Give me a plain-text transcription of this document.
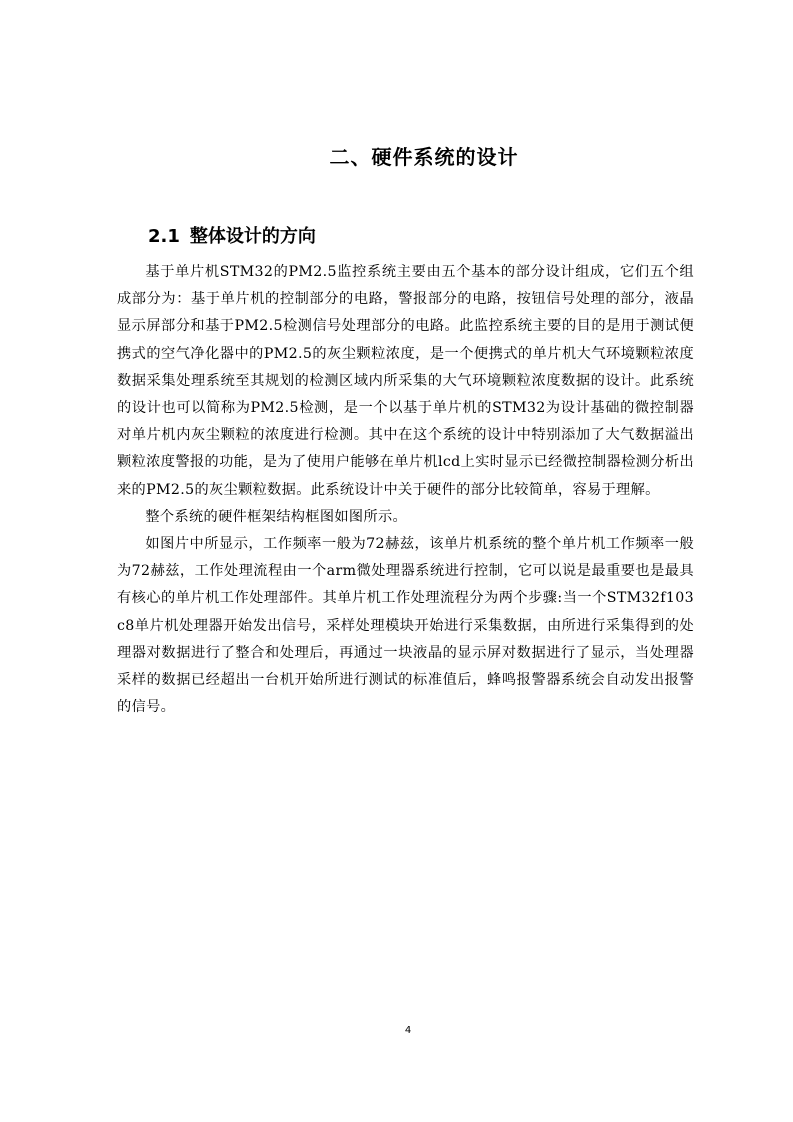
二、硬件系统的设计
2.1 整体设计的方向

基于单片机STM32的PM2.5监控系统主要由五个基本的部分设计组成，它们五个组成部分为：基于单片机的控制部分的电路，警报部分的电路，按钮信号处理的部分，液晶显示屏部分和基于PM2.5检测信号处理部分的电路。此监控系统主要的目的是用于测试便携式的空气净化器中的PM2.5的灰尘颗粒浓度，是一个便携式的单片机大气环境颗粒浓度数据采集处理系统至其规划的检测区域内所采集的大气环境颗粒浓度数据的设计。此系统的设计也可以简称为PM2.5检测，是一个以基于单片机的STM32为设计基础的微控制器对单片机内灰尘颗粒的浓度进行检测。其中在这个系统的设计中特别添加了大气数据溢出颗粒浓度警报的功能，是为了使用户能够在单片机lcd上实时显示已经微控制器检测分析出来的PM2.5的灰尘颗粒数据。此系统设计中关于硬件的部分比较简单，容易于理解。

整个系统的硬件框架结构框图如图所示。

如图片中所显示，工作频率一般为72赫兹，该单片机系统的整个单片机工作频率一般为72赫兹，工作处理流程由一个arm微处理器系统进行控制，它可以说是最重要也是最具有核心的单片机工作处理部件。其单片机工作处理流程分为两个步骤:当一个STM32f103c8单片机处理器开始发出信号，采样处理模块开始进行采集数据，由所进行采集得到的处理器对数据进行了整合和处理后，再通过一块液晶的显示屏对数据进行了显示，当处理器采样的数据已经超出一台机开始所进行测试的标准值后，蜂鸣报警器系统会自动发出报警的信号。

4
